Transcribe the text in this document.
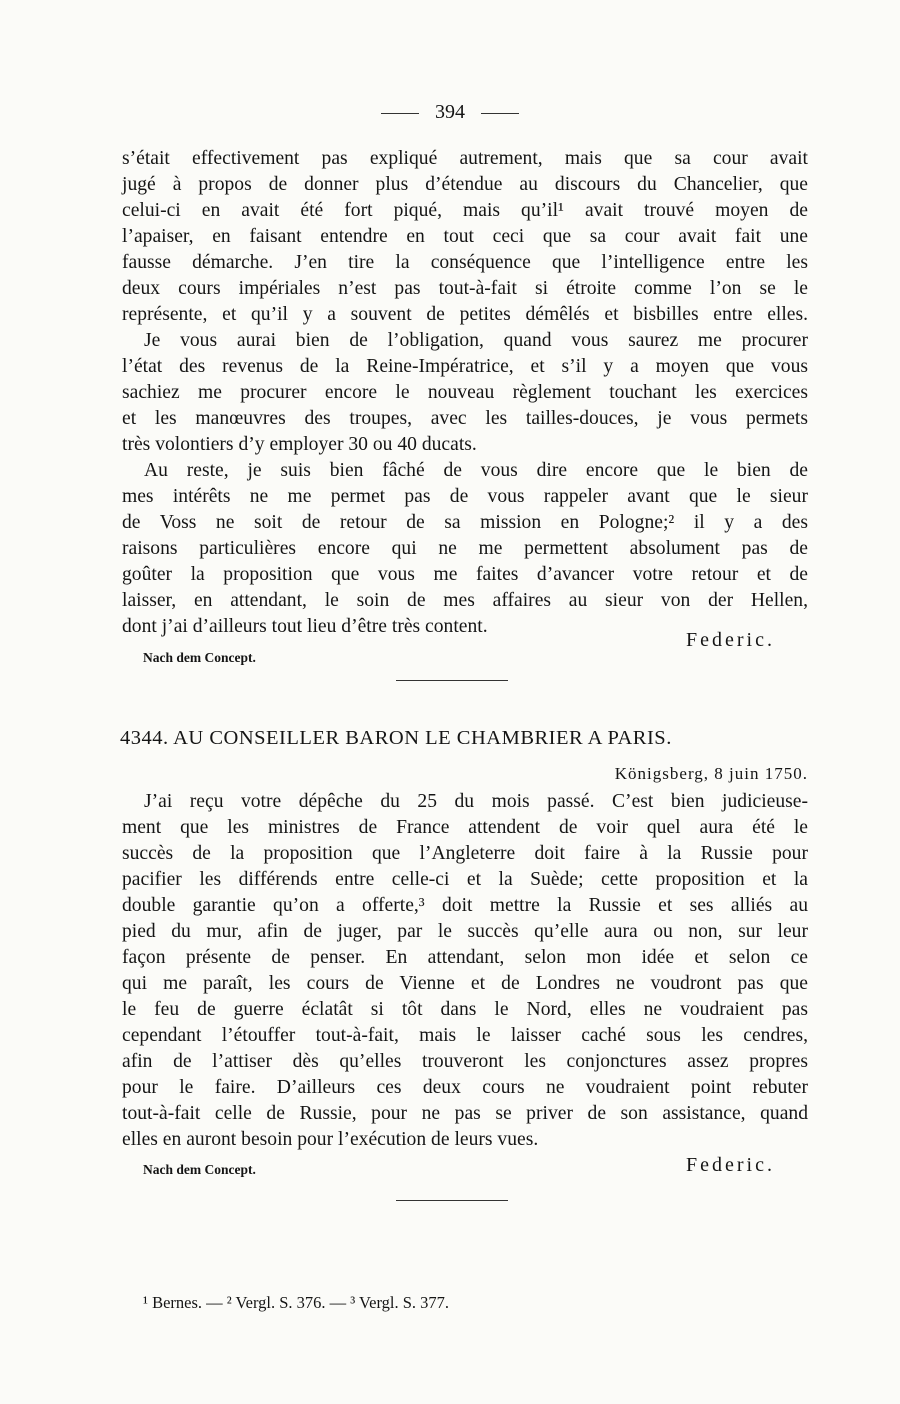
394
s’était effectivement pas expliqué autrement, mais que sa cour avait
jugé à propos de donner plus d’étendue au discours du Chancelier, que
celui-ci en avait été fort piqué, mais qu’il¹ avait trouvé moyen de
l’apaiser, en faisant entendre en tout ceci que sa cour avait fait une
fausse démarche. J’en tire la conséquence que l’intelligence entre les
deux cours impériales n’est pas tout-à-fait si étroite comme l’on se le
représente, et qu’il y a souvent de petites démêlés et bisbilles entre elles.
Je vous aurai bien de l’obligation, quand vous saurez me procurer
l’état des revenus de la Reine-Impératrice, et s’il y a moyen que vous
sachiez me procurer encore le nouveau règlement touchant les exercices
et les manœuvres des troupes, avec les tailles-douces, je vous permets
très volontiers d’y employer 30 ou 40 ducats.
Au reste, je suis bien fâché de vous dire encore que le bien de
mes intérêts ne me permet pas de vous rappeler avant que le sieur
de Voss ne soit de retour de sa mission en Pologne;² il y a des
raisons particulières encore qui ne me permettent absolument pas de
goûter la proposition que vous me faites d’avancer votre retour et de
laisser, en attendant, le soin de mes affaires au sieur von der Hellen,
dont j’ai d’ailleurs tout lieu d’être très content.
Federic.
Nach dem Concept.
4344. AU CONSEILLER BARON LE CHAMBRIER A PARIS.
Königsberg, 8 juin 1750.
J’ai reçu votre dépêche du 25 du mois passé. C’est bien judicieuse-
ment que les ministres de France attendent de voir quel aura été le
succès de la proposition que l’Angleterre doit faire à la Russie pour
pacifier les différends entre celle-ci et la Suède; cette proposition et la
double garantie qu’on a offerte,³ doit mettre la Russie et ses alliés au
pied du mur, afin de juger, par le succès qu’elle aura ou non, sur leur
façon présente de penser. En attendant, selon mon idée et selon ce
qui me paraît, les cours de Vienne et de Londres ne voudront pas que
le feu de guerre éclatât si tôt dans le Nord, elles ne voudraient pas
cependant l’étouffer tout-à-fait, mais le laisser caché sous les cendres,
afin de l’attiser dès qu’elles trouveront les conjonctures assez propres
pour le faire. D’ailleurs ces deux cours ne voudraient point rebuter
tout-à-fait celle de Russie, pour ne pas se priver de son assistance, quand
elles en auront besoin pour l’exécution de leurs vues.
Nach dem Concept.	Federic.
¹ Bernes. — ² Vergl. S. 376. — ³ Vergl. S. 377.
